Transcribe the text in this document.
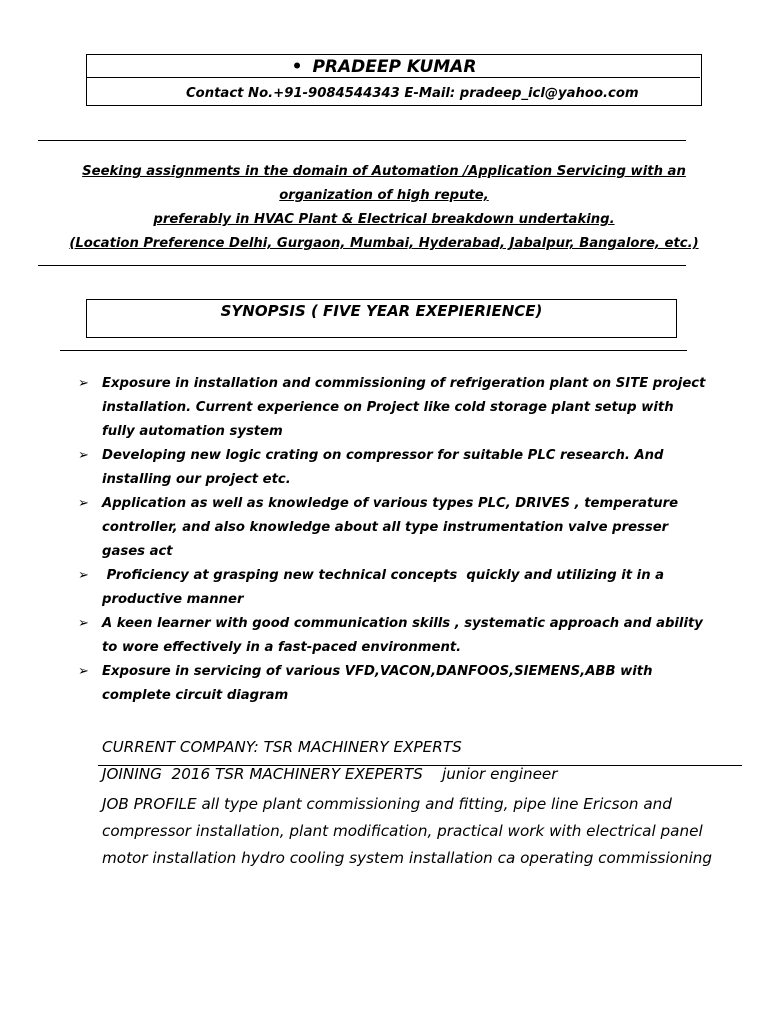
• PRADEEP KUMAR
Contact No.+91-9084544343 E-Mail: pradeep_icl@yahoo.com
Seeking assignments in the domain of Automation /Application Servicing with an
organization of high repute,
preferably in HVAC Plant & Electrical breakdown undertaking.
(Location Preference Delhi, Gurgaon, Mumbai, Hyderabad, Jabalpur, Bangalore, etc.)
SYNOPSIS ( FIVE YEAR EXEPIERIENCE)
➢ Exposure in installation and commissioning of refrigeration plant on SITE project
installation. Current experience on Project like cold storage plant setup with
fully automation system
➢ Developing new logic crating on compressor for suitable PLC research. And
installing our project etc.
➢ Application as well as knowledge of various types PLC, DRIVES , temperature
controller, and also knowledge about all type instrumentation valve presser
gases act
➢ Proficiency at grasping new technical concepts  quickly and utilizing it in a
productive manner
➢ A keen learner with good communication skills , systematic approach and ability
to wore effectively in a fast-paced environment.
➢ Exposure in servicing of various VFD,VACON,DANFOOS,SIEMENS,ABB with
complete circuit diagram
CURRENT COMPANY: TSR MACHINERY EXPERTS
JOINING  2016 TSR MACHINERY EXEPERTS    junior engineer
JOB PROFILE all type plant commissioning and fitting, pipe line Ericson and compressor installation, plant modification, practical work with electrical panel motor installation hydro cooling system installation ca operating commissioning
